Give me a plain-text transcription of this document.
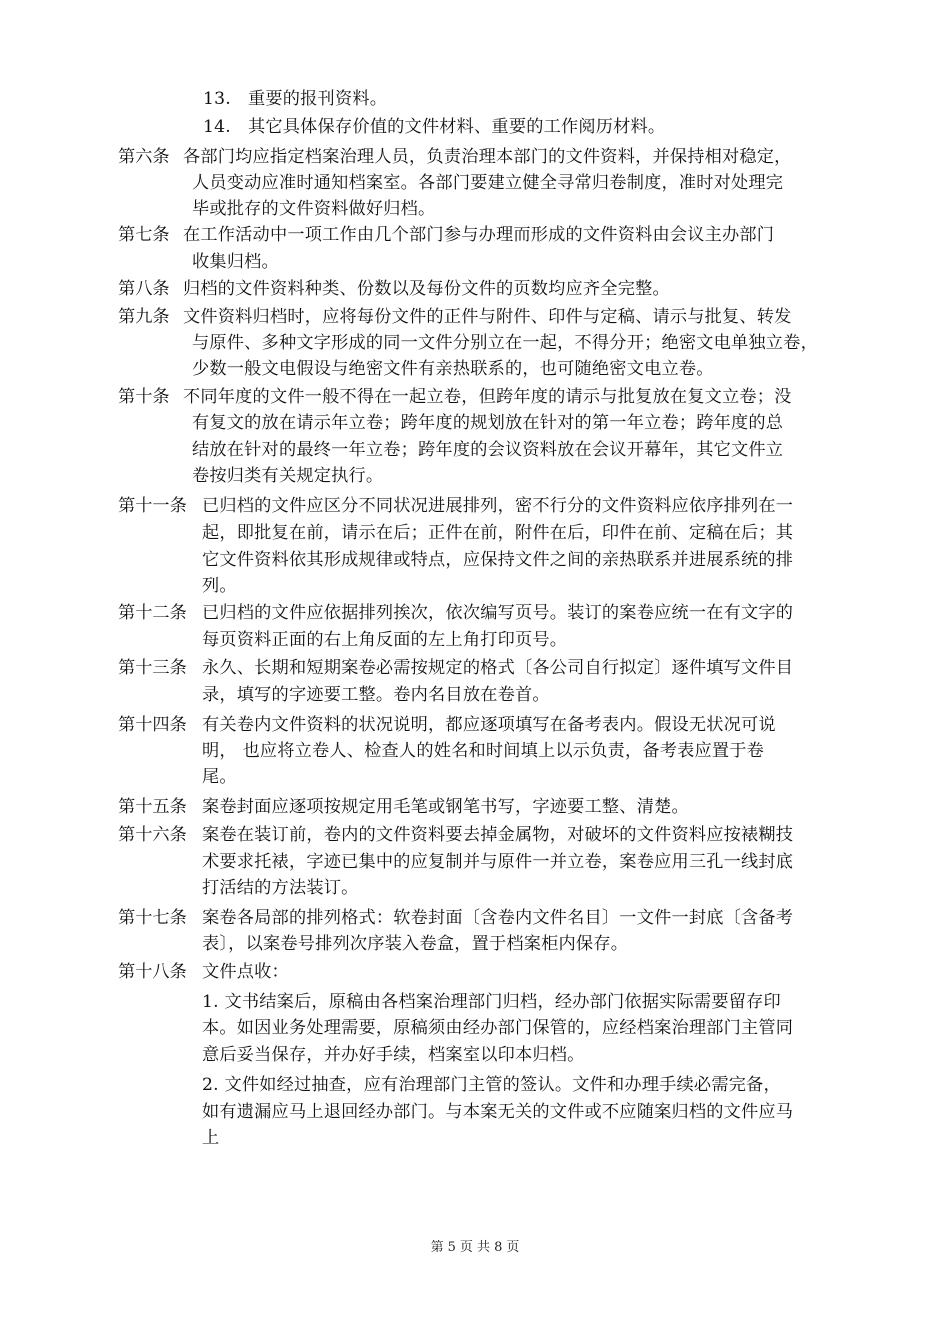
13. 重要的报刊资料。
14. 其它具体保存价值的文件材料、重要的工作阅历材料。
第六条 各部门均应指定档案治理人员，负责治理本部门的文件资料，并保持相对稳定，
人员变动应准时通知档案室。各部门要建立健全寻常归卷制度，准时对处理完
毕或批存的文件资料做好归档。
第七条 在工作活动中一项工作由几个部门参与办理而形成的文件资料由会议主办部门
收集归档。
第八条 归档的文件资料种类、份数以及每份文件的页数均应齐全完整。
第九条 文件资料归档时，应将每份文件的正件与附件、印件与定稿、请示与批复、转发
与原件、多种文字形成的同一文件分别立在一起，不得分开；绝密文电单独立卷，
少数一般文电假设与绝密文件有亲热联系的，也可随绝密文电立卷。
第十条 不同年度的文件一般不得在一起立卷，但跨年度的请示与批复放在复文立卷；没
有复文的放在请示年立卷；跨年度的规划放在针对的第一年立卷；跨年度的总
结放在针对的最终一年立卷；跨年度的会议资料放在会议开幕年，其它文件立
卷按归类有关规定执行。
第十一条 已归档的文件应区分不同状况进展排列，密不行分的文件资料应依序排列在一
起，即批复在前，请示在后；正件在前，附件在后，印件在前、定稿在后；其
它文件资料依其形成规律或特点，应保持文件之间的亲热联系并进展系统的排
列。
第十二条 已归档的文件应依据排列挨次，依次编写页号。装订的案卷应统一在有文字的
每页资料正面的右上角反面的左上角打印页号。
第十三条 永久、长期和短期案卷必需按规定的格式〔各公司自行拟定〕逐件填写文件目
录，填写的字迹要工整。卷内名目放在卷首。
第十四条 有关卷内文件资料的状况说明，都应逐项填写在备考表内。假设无状况可说
明， 也应将立卷人、检查人的姓名和时间填上以示负责，备考表应置于卷
尾。
第十五条 案卷封面应逐项按规定用毛笔或钢笔书写，字迹要工整、清楚。
第十六条 案卷在装订前，卷内的文件资料要去掉金属物，对破坏的文件资料应按裱糊技
术要求托裱，字迹已集中的应复制并与原件一并立卷，案卷应用三孔一线封底
打活结的方法装订。
第十七条 案卷各局部的排列格式：软卷封面〔含卷内文件名目〕一文件一封底〔含备考
表〕，以案卷号排列次序装入卷盒，置于档案柜内保存。
第十八条 文件点收：
1. 文书结案后，原稿由各档案治理部门归档，经办部门依据实际需要留存印
本。如因业务处理需要，原稿须由经办部门保管的，应经档案治理部门主管同
意后妥当保存，并办好手续，档案室以印本归档。
2. 文件如经过抽查，应有治理部门主管的签认。文件和办理手续必需完备，
如有遗漏应马上退回经办部门。与本案无关的文件或不应随案归档的文件应马
上
第 5 页 共 8 页
